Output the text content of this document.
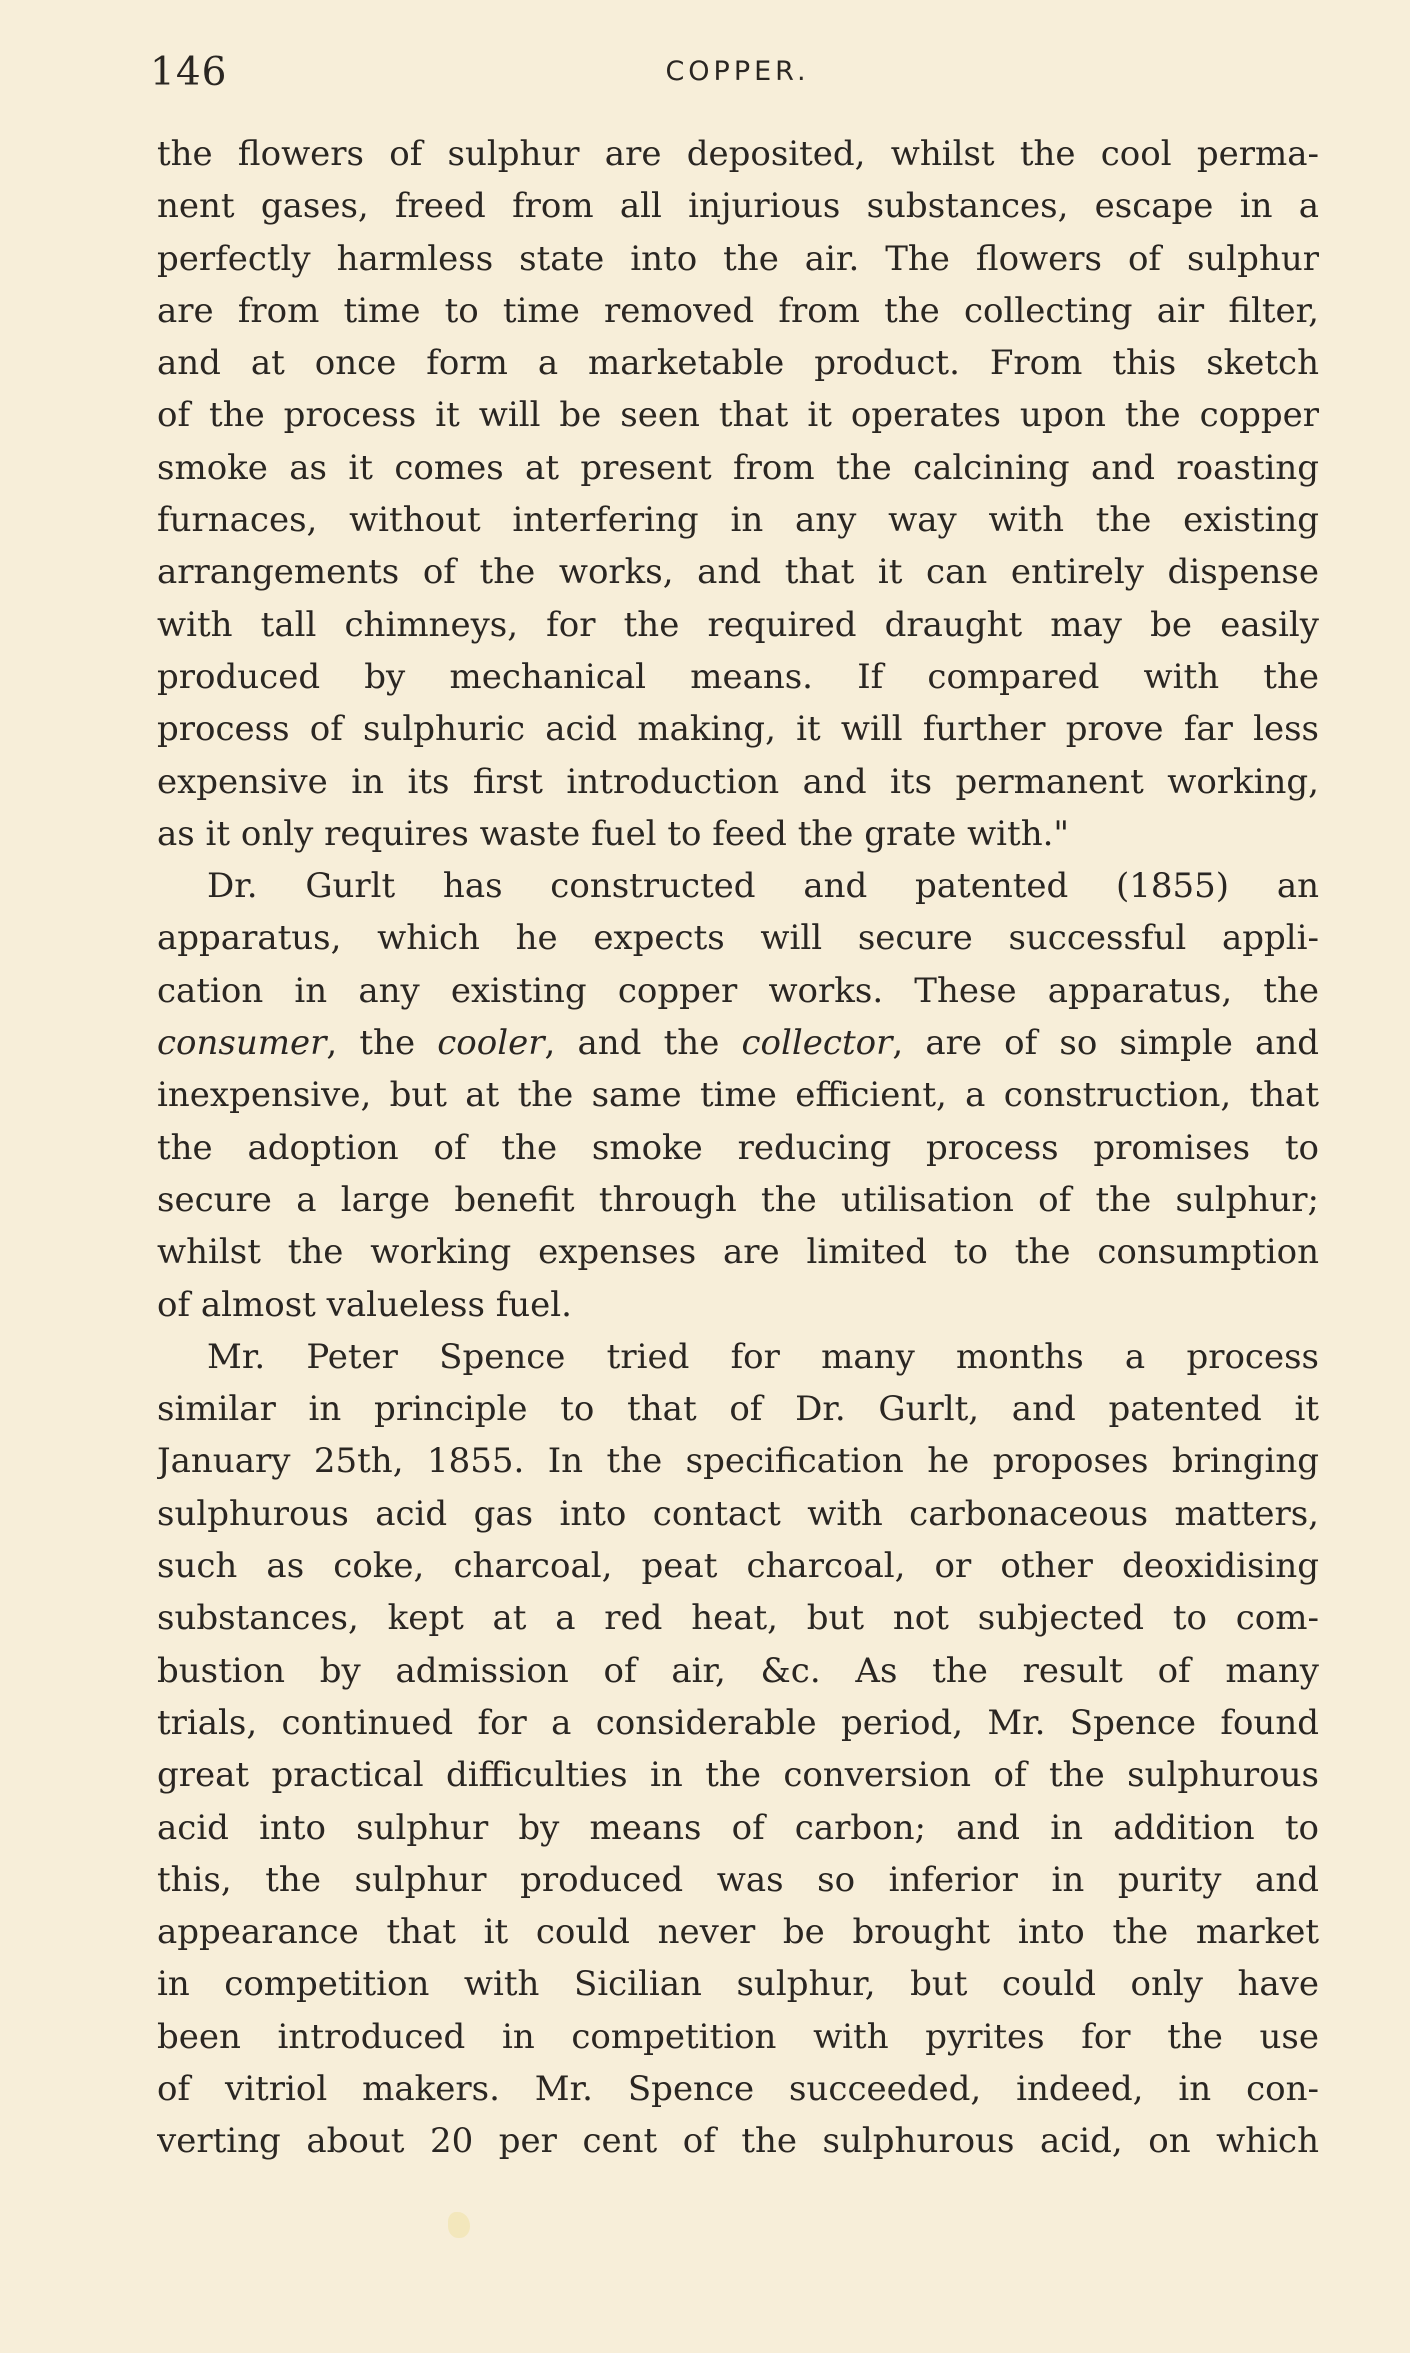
146	COPPER.
the flowers of sulphur are deposited, whilst the cool perma-
nent gases, freed from all injurious substances, escape in a
perfectly harmless state into the air. The flowers of sulphur
are from time to time removed from the collecting air filter,
and at once form a marketable product. From this sketch
of the process it will be seen that it operates upon the copper
smoke as it comes at present from the calcining and roasting
furnaces, without interfering in any way with the existing
arrangements of the works, and that it can entirely dispense
with tall chimneys, for the required draught may be easily
produced by mechanical means. If compared with the
process of sulphuric acid making, it will further prove far less
expensive in its first introduction and its permanent working,
as it only requires waste fuel to feed the grate with."
Dr. Gurlt has constructed and patented (1855) an
apparatus, which he expects will secure successful appli-
cation in any existing copper works. These apparatus, the
consumer, the cooler, and the collector, are of so simple and
inexpensive, but at the same time efficient, a construction, that
the adoption of the smoke reducing process promises to
secure a large benefit through the utilisation of the sulphur;
whilst the working expenses are limited to the consumption
of almost valueless fuel.
Mr. Peter Spence tried for many months a process
similar in principle to that of Dr. Gurlt, and patented it
January 25th, 1855. In the specification he proposes bringing
sulphurous acid gas into contact with carbonaceous matters,
such as coke, charcoal, peat charcoal, or other deoxidising
substances, kept at a red heat, but not subjected to com-
bustion by admission of air, &c. As the result of many
trials, continued for a considerable period, Mr. Spence found
great practical difficulties in the conversion of the sulphurous
acid into sulphur by means of carbon; and in addition to
this, the sulphur produced was so inferior in purity and
appearance that it could never be brought into the market
in competition with Sicilian sulphur, but could only have
been introduced in competition with pyrites for the use
of vitriol makers. Mr. Spence succeeded, indeed, in con-
verting about 20 per cent of the sulphurous acid, on which
